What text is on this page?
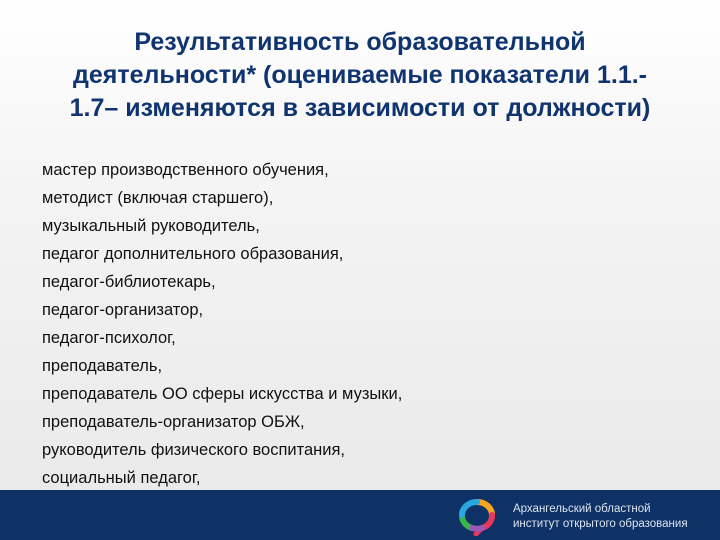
Результативность образовательной
деятельности* (оцениваемые показатели 1.1.-
1.7– изменяются в зависимости от должности)
мастер производственного обучения,
методист (включая старшего),
музыкальный руководитель,
педагог дополнительного образования,
педагог-библиотекарь,
педагог-организатор,
педагог-психолог,
преподаватель,
преподаватель ОО сферы искусства и музыки,
преподаватель-организатор ОБЖ,
руководитель физического воспитания,
социальный педагог,
Архангельский областной
институт открытого образования
